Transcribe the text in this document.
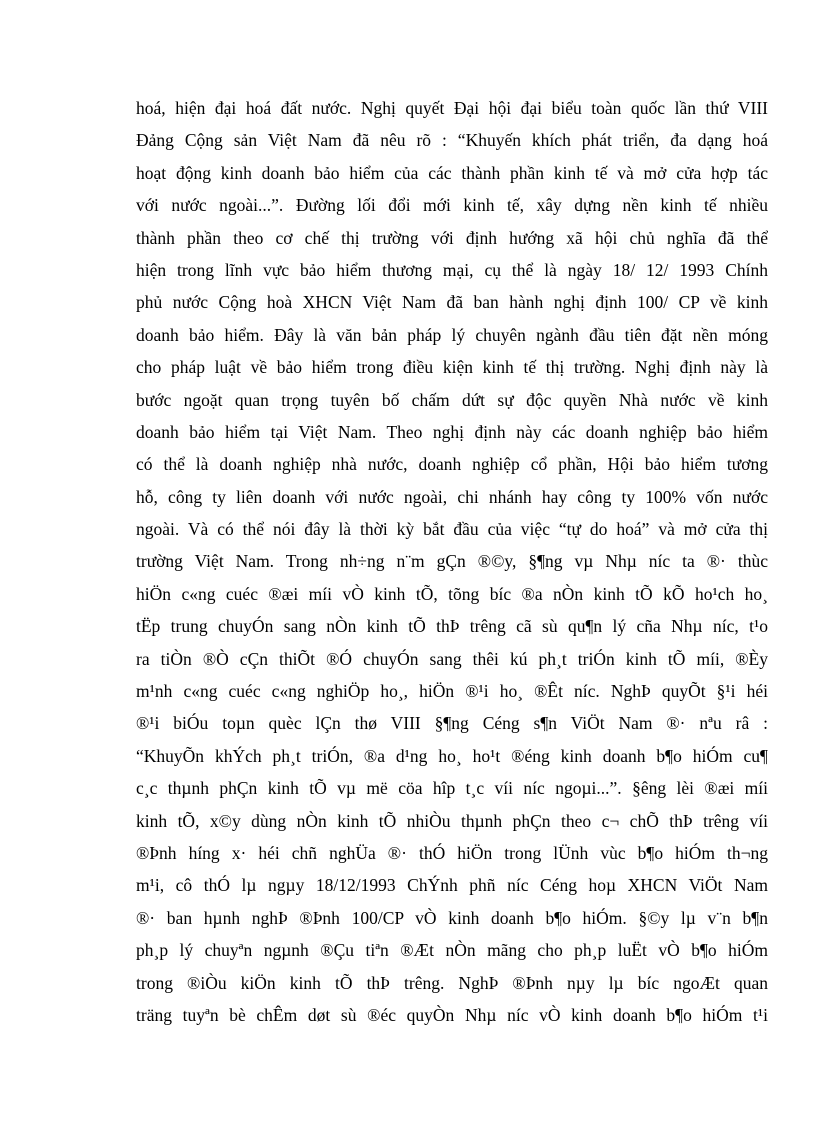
hoá, hiện đại hoá đất nước. Nghị quyết Đại hội đại biểu toàn quốc lần thứ VIII
Đảng Cộng sản Việt Nam đã nêu rõ : “Khuyến khích phát triển, đa dạng hoá
hoạt động kinh doanh bảo hiểm của các thành phần kinh tế và mở cửa hợp tác
với nước ngoài...”. Đường lối đổi mới kinh tế, xây dựng nền kinh tế nhiều
thành phần theo cơ chế thị trường với định hướng xã hội chủ nghĩa đã thể
hiện trong lĩnh vực bảo hiểm thương mại, cụ thể là ngày 18/ 12/ 1993 Chính
phủ nước Cộng hoà XHCN Việt Nam đã ban hành nghị định 100/ CP về kinh
doanh bảo hiểm. Đây là văn bản pháp lý chuyên ngành đầu tiên đặt nền móng
cho pháp luật về bảo hiểm trong điều kiện kinh tế thị trường. Nghị định này là
bước ngoặt quan trọng tuyên bố chấm dứt sự độc quyền Nhà nước về kinh
doanh bảo hiểm tại Việt Nam. Theo nghị định này các doanh nghiệp bảo hiểm
có thể là doanh nghiệp nhà nước, doanh nghiệp cổ phần, Hội bảo hiểm tương
hỗ, công ty liên doanh với nước ngoài, chi nhánh hay công ty 100% vốn nước
ngoài. Và có thể nói đây là thời kỳ bắt đầu của việc “tự do hoá” và mở cửa thị
trường Việt Nam. Trong nh÷ng n¨m gÇn ®©y, §¶ng vµ Nhµ níc ta ®· thùc
hiÖn c«ng cuéc ®æi míi vÒ kinh tÕ, tõng bíc ®a nÒn kinh tÕ kÕ ho¹ch ho¸
tËp trung chuyÓn sang nÒn kinh tÕ thÞ trêng cã sù qu¶n lý cña Nhµ níc, t¹o
ra tiÒn ®Ò cÇn thiÕt ®Ó chuyÓn sang thêi kú ph¸t triÓn kinh tÕ míi, ®Èy
m¹nh c«ng cuéc c«ng nghiÖp ho¸, hiÖn ®¹i ho¸ ®Êt níc. NghÞ quyÕt §¹i héi
®¹i biÓu toµn quèc lÇn thø VIII §¶ng Céng s¶n ViÖt Nam ®· nªu râ :
“KhuyÕn khÝch ph¸t triÓn, ®a d¹ng ho¸ ho¹t ®éng kinh doanh b¶o hiÓm cu¶
c¸c thµnh phÇn kinh tÕ vµ më cöa hîp t¸c víi níc ngoµi...”. §êng lèi ®æi míi
kinh tÕ, x©y dùng nÒn kinh tÕ nhiÒu thµnh phÇn theo c¬ chÕ thÞ trêng víi
®Þnh híng x· héi chñ nghÜa ®· thÓ hiÖn trong lÜnh vùc b¶o hiÓm th¬ng
m¹i, cô thÓ lµ ngµy 18/12/1993 ChÝnh phñ níc Céng hoµ XHCN ViÖt Nam
®· ban hµnh nghÞ ®Þnh 100/CP vÒ kinh doanh b¶o hiÓm. §©y lµ v¨n b¶n
ph¸p lý chuyªn ngµnh ®Çu tiªn ®Æt nÒn mãng cho ph¸p luËt vÒ b¶o hiÓm
trong ®iÒu kiÖn kinh tÕ thÞ trêng. NghÞ ®Þnh nµy lµ bíc ngoÆt quan
träng tuyªn bè chÊm døt sù ®éc quyÒn Nhµ níc vÒ kinh doanh b¶o hiÓm t¹i
